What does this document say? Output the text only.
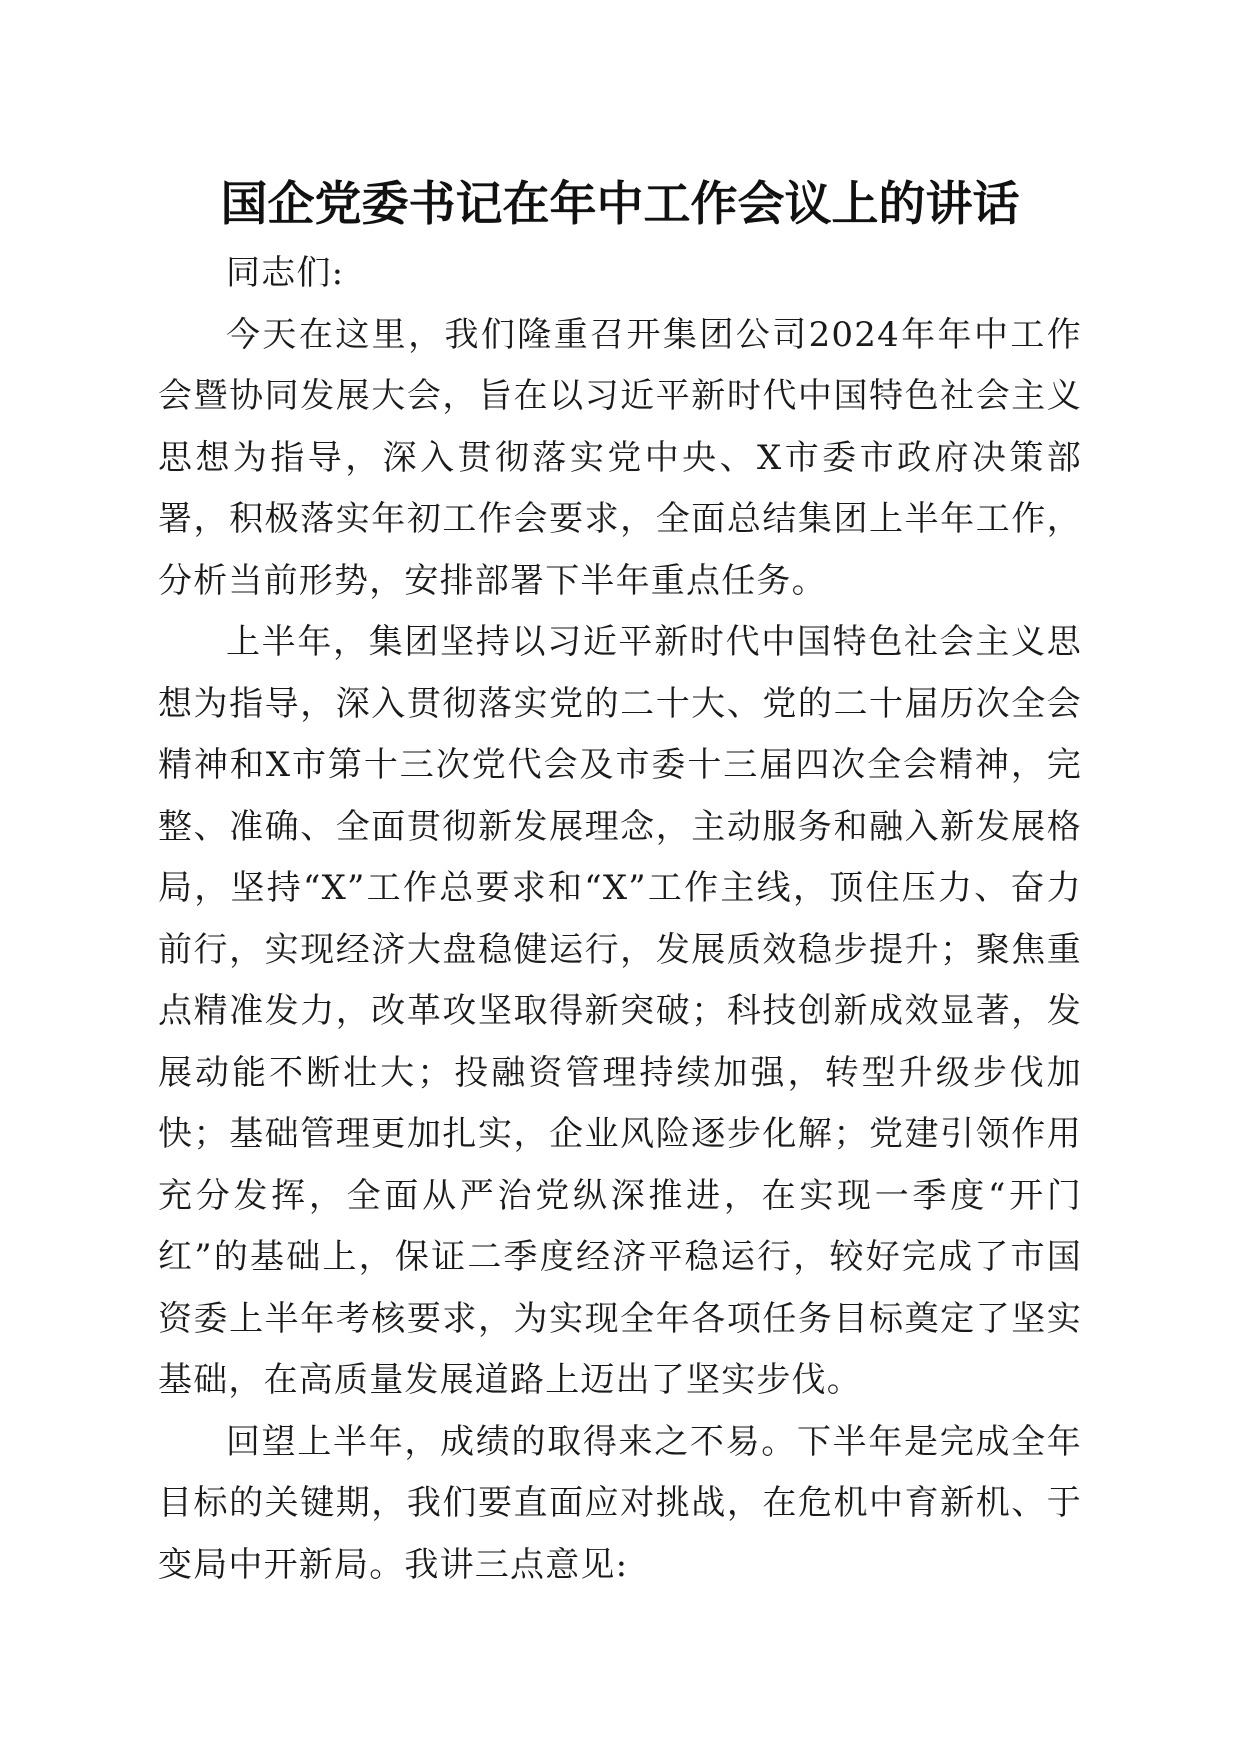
国企党委书记在年中工作会议上的讲话

同志们:

今天在这里，我们隆重召开集团公司2024年年中工作会暨协同发展大会，旨在以习近平新时代中国特色社会主义思想为指导，深入贯彻落实党中央、X市委市政府决策部署，积极落实年初工作会要求，全面总结集团上半年工作，分析当前形势，安排部署下半年重点任务。

上半年，集团坚持以习近平新时代中国特色社会主义思想为指导，深入贯彻落实党的二十大、党的二十届历次全会精神和X市第十三次党代会及市委十三届四次全会精神，完整、准确、全面贯彻新发展理念，主动服务和融入新发展格局，坚持“X”工作总要求和“X”工作主线，顶住压力、奋力前行，实现经济大盘稳健运行，发展质效稳步提升；聚焦重点精准发力，改革攻坚取得新突破；科技创新成效显著，发展动能不断壮大；投融资管理持续加强，转型升级步伐加快；基础管理更加扎实，企业风险逐步化解；党建引领作用充分发挥，全面从严治党纵深推进，在实现一季度“开门红”的基础上，保证二季度经济平稳运行，较好完成了市国资委上半年考核要求，为实现全年各项任务目标奠定了坚实基础，在高质量发展道路上迈出了坚实步伐。

回望上半年，成绩的取得来之不易。下半年是完成全年目标的关键期，我们要直面应对挑战，在危机中育新机、于变局中开新局。我讲三点意见:
